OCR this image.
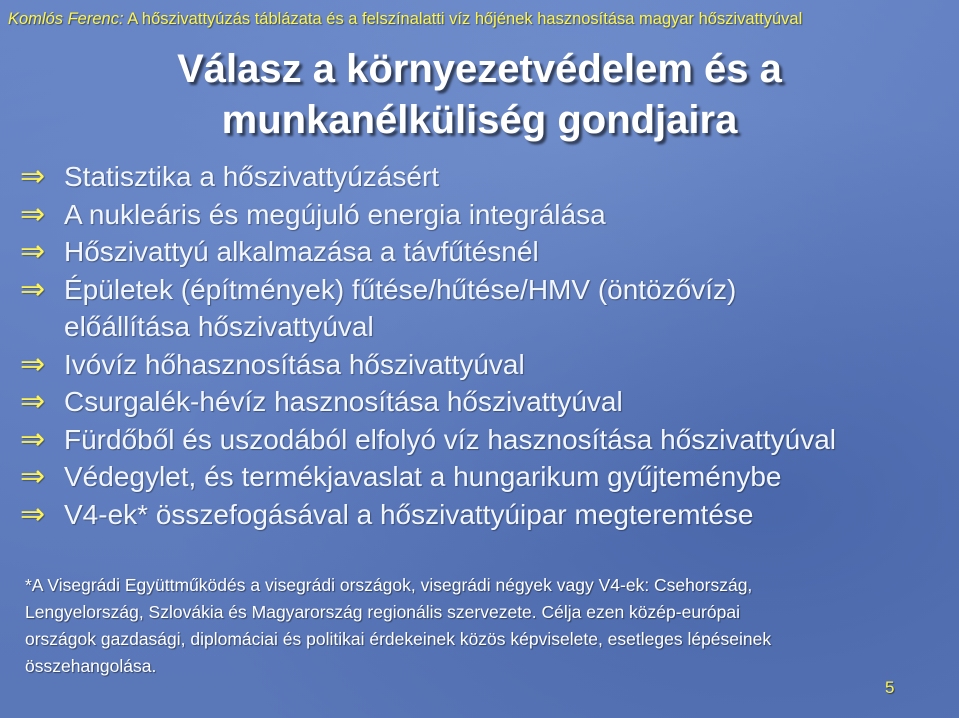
Komlós Ferenc: A hőszivattyúzás táblázata és a felszínalatti víz hőjének hasznosítása magyar hőszivattyúval
Válasz a környezetvédelem és a
munkanélküliség gondjaira
⇒ Statisztika a hőszivattyúzásért
⇒ A nukleáris és megújuló energia integrálása
⇒ Hőszivattyú alkalmazása a távfűtésnél
⇒ Épületek (építmények) fűtése/hűtése/HMV (öntözővíz)
előállítása hőszivattyúval
⇒ Ivóvíz hőhasznosítása hőszivattyúval
⇒ Csurgalék-hévíz hasznosítása hőszivattyúval
⇒ Fürdőből és uszodából elfolyó víz hasznosítása hőszivattyúval
⇒ Védegylet, és termékjavaslat a hungarikum gyűjteménybe
⇒ V4-ek* összefogásával a hőszivattyúipar megteremtése
*A Visegrádi Együttműködés a visegrádi országok, visegrádi négyek vagy V4-ek: Csehország,
Lengyelország, Szlovákia és Magyarország regionális szervezete. Célja ezen közép-európai
országok gazdasági, diplomáciai és politikai érdekeinek közös képviselete, esetleges lépéseinek
összehangolása.
5
